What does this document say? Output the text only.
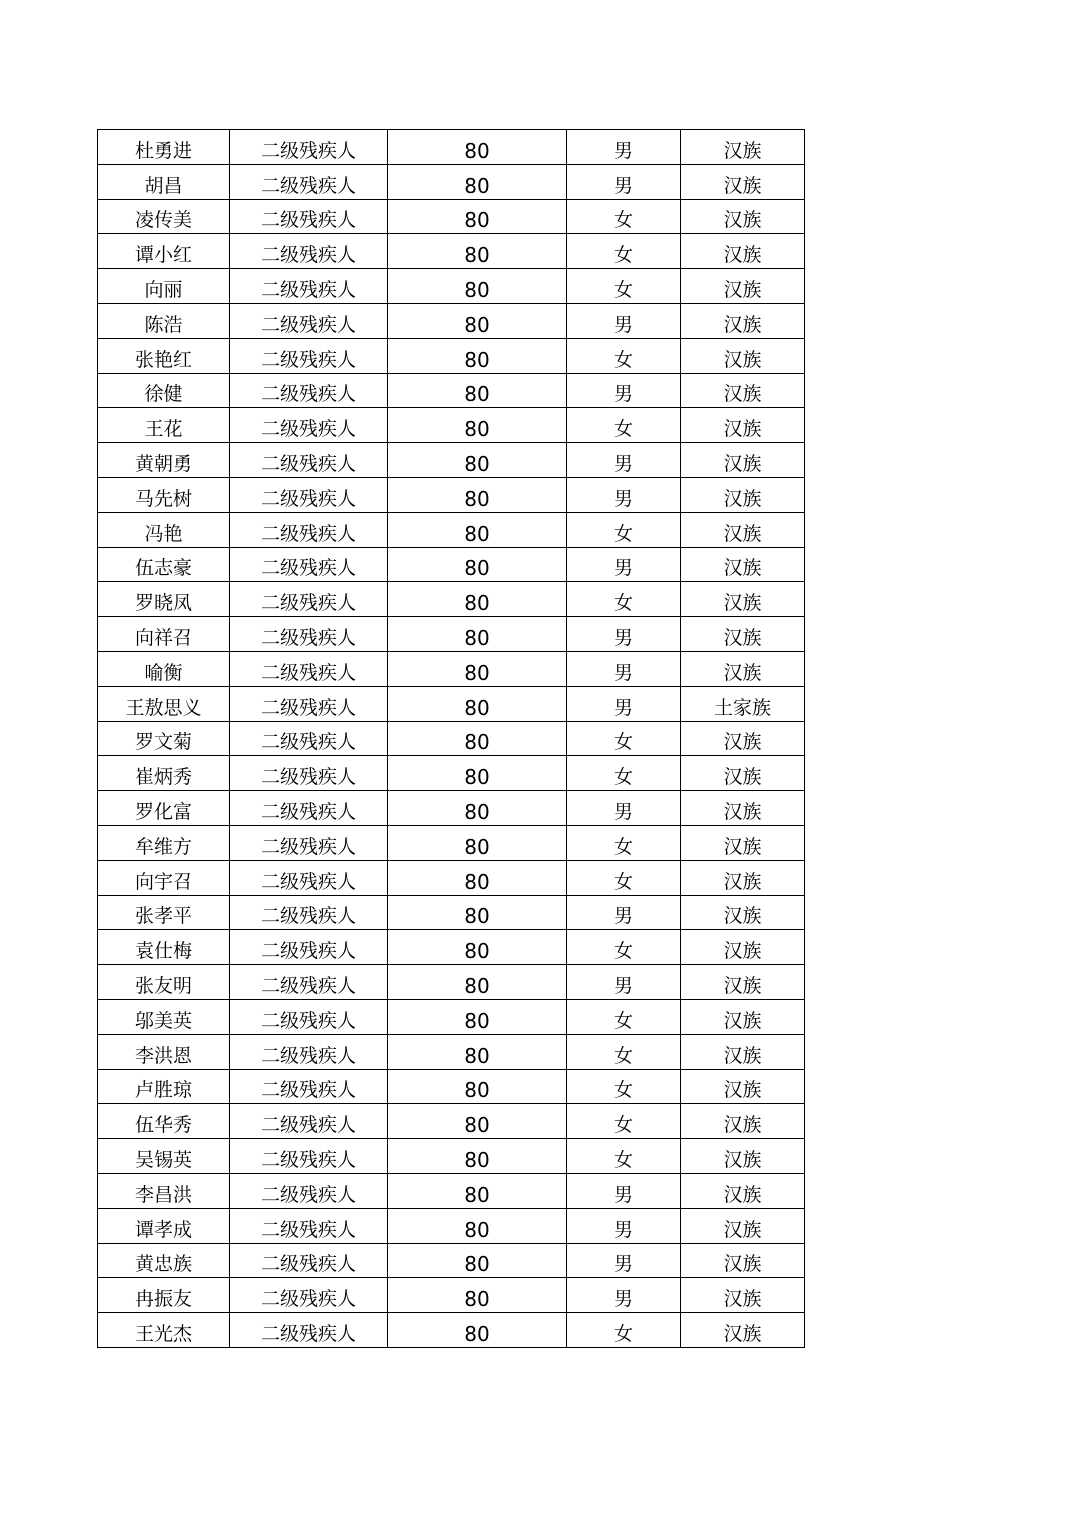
杜勇进	二级残疾人	80	男	汉族
胡昌	二级残疾人	80	男	汉族
凌传美	二级残疾人	80	女	汉族
谭小红	二级残疾人	80	女	汉族
向丽	二级残疾人	80	女	汉族
陈浩	二级残疾人	80	男	汉族
张艳红	二级残疾人	80	女	汉族
徐健	二级残疾人	80	男	汉族
王花	二级残疾人	80	女	汉族
黄朝勇	二级残疾人	80	男	汉族
马先树	二级残疾人	80	男	汉族
冯艳	二级残疾人	80	女	汉族
伍志豪	二级残疾人	80	男	汉族
罗晓凤	二级残疾人	80	女	汉族
向祥召	二级残疾人	80	男	汉族
喻衡	二级残疾人	80	男	汉族
王敖思义	二级残疾人	80	男	土家族
罗文菊	二级残疾人	80	女	汉族
崔炳秀	二级残疾人	80	女	汉族
罗化富	二级残疾人	80	男	汉族
牟维方	二级残疾人	80	女	汉族
向宇召	二级残疾人	80	女	汉族
张孝平	二级残疾人	80	男	汉族
袁仕梅	二级残疾人	80	女	汉族
张友明	二级残疾人	80	男	汉族
邬美英	二级残疾人	80	女	汉族
李洪恩	二级残疾人	80	女	汉族
卢胜琼	二级残疾人	80	女	汉族
伍华秀	二级残疾人	80	女	汉族
吴锡英	二级残疾人	80	女	汉族
李昌洪	二级残疾人	80	男	汉族
谭孝成	二级残疾人	80	男	汉族
黄忠族	二级残疾人	80	男	汉族
冉振友	二级残疾人	80	男	汉族
王光杰	二级残疾人	80	女	汉族
